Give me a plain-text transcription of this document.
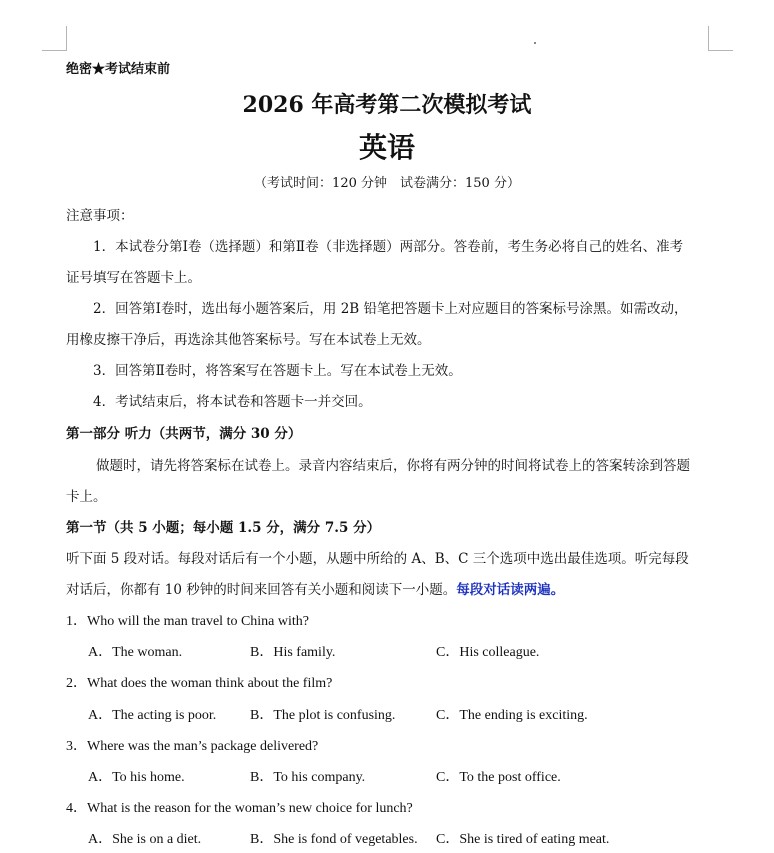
绝密★考试结束前
2026 年高考第二次模拟考试
英语
（考试时间：120 分钟　试卷满分：150 分）
注意事项：
1．本试卷分第Ⅰ卷（选择题）和第Ⅱ卷（非选择题）两部分。答卷前，考生务必将自己的姓名、准考
证号填写在答题卡上。
2．回答第Ⅰ卷时，选出每小题答案后，用 2B 铅笔把答题卡上对应题目的答案标号涂黑。如需改动，
用橡皮擦干净后，再选涂其他答案标号。写在本试卷上无效。
3．回答第Ⅱ卷时，将答案写在答题卡上。写在本试卷上无效。
4．考试结束后，将本试卷和答题卡一并交回。
第一部分 听力（共两节，满分 30 分）
做题时，请先将答案标在试卷上。录音内容结束后，你将有两分钟的时间将试卷上的答案转涂到答题
卡上。
第一节（共 5 小题；每小题 1.5 分，满分 7.5 分）
听下面 5 段对话。每段对话后有一个小题，从题中所给的 A、B、C 三个选项中选出最佳选项。听完每段
对话后，你都有 10 秒钟的时间来回答有关小题和阅读下一小题。每段对话读两遍。
1．Who will the man travel to China with?
A．The woman.	B．His family.	C．His colleague.
2．What does the woman think about the film?
A．The acting is poor. B．The plot is confusing.	C．The ending is exciting.
3．Where was the man’s package delivered?
A．To his home.	B．To his company.	C．To the post office.
4．What is the reason for the woman’s new choice for lunch?
A．She is on a diet.	B．She is fond of vegetables. C．She is tired of eating meat.
